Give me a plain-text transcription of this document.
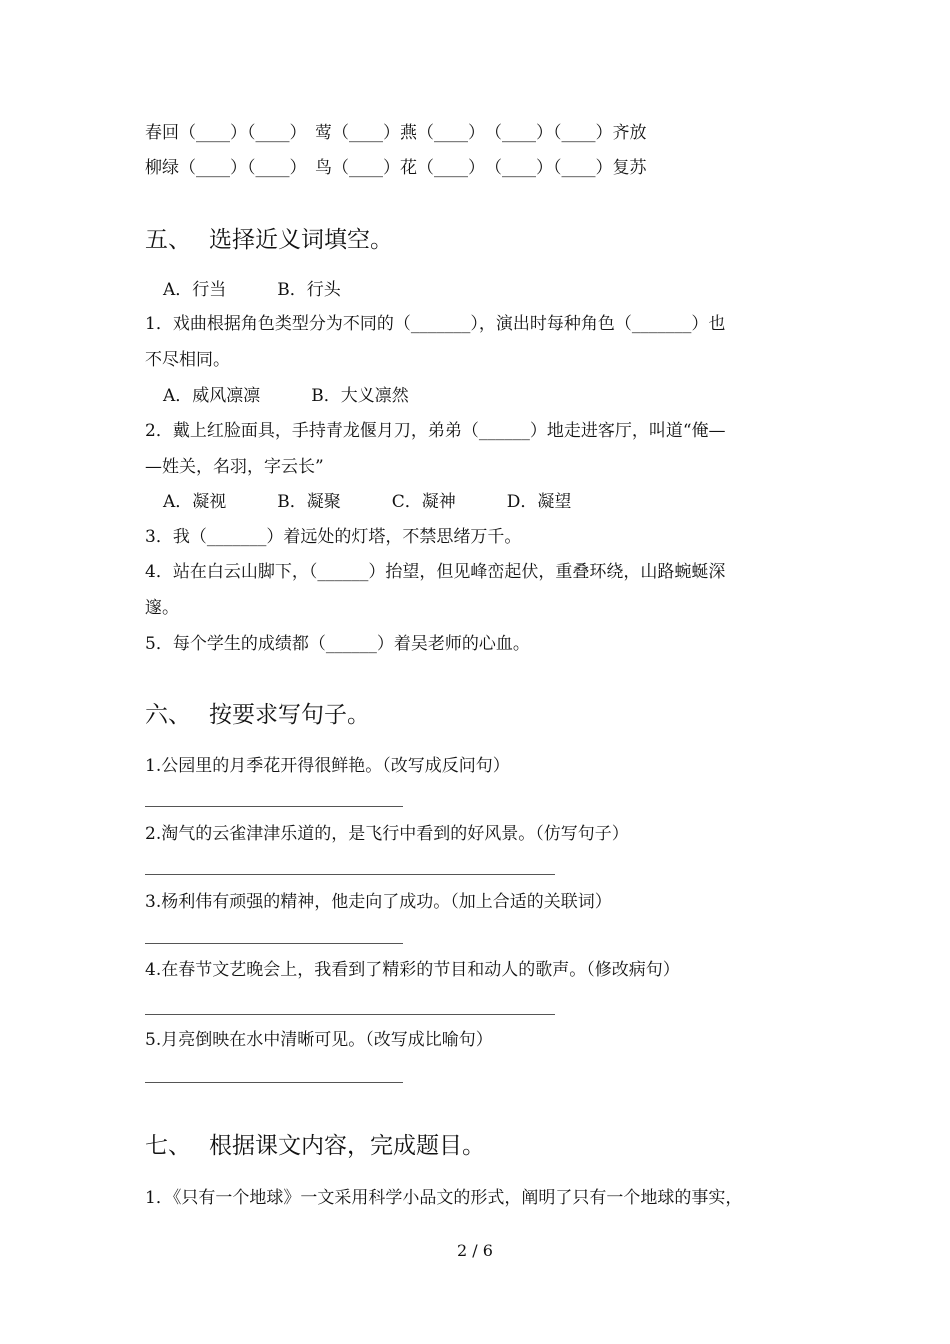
春回（____）（____）　莺（____）燕（____）　（____）（____）齐放
柳绿（____）（____）　鸟（____）花（____）　（____）（____）复苏
五、 选择近义词填空。
A．行当　　　B．行头
1．戏曲根据角色类型分为不同的（_______），演出时每种角色（_______）也
不尽相同。
A．威风凛凛　　　B．大义凛然
2．戴上红脸面具，手持青龙偃月刀，弟弟（______）地走进客厅，叫道“俺—
—姓关，名羽，字云长”
A．凝视　　　B．凝聚　　　C．凝神　　　D．凝望
3．我（_______）着远处的灯塔，不禁思绪万千。
4．站在白云山脚下，（______）抬望，但见峰峦起伏，重叠环绕，山路蜿蜒深
邃。
5．每个学生的成绩都（______）着吴老师的心血。
六、 按要求写句子。
1.公园里的月季花开得很鲜艳。（改写成反问句）
2.淘气的云雀津津乐道的，是飞行中看到的好风景。（仿写句子）
3.杨利伟有顽强的精神，他走向了成功。（加上合适的关联词）
4.在春节文艺晚会上，我看到了精彩的节目和动人的歌声。（修改病句）
5.月亮倒映在水中清晰可见。（改写成比喻句）
七、 根据课文内容，完成题目。
1．《只有一个地球》一文采用科学小品文的形式，阐明了只有一个地球的事实，
2 / 6
